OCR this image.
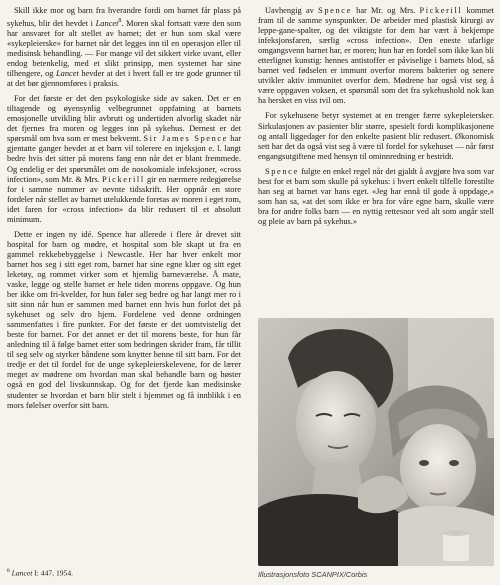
Skill ikke mor og barn fra hverandre fordi om barnet får plass på sykehus, blir det hevdet i Lancet$^8$. Moren skal fortsatt være den som har ansvaret for alt stellet av barnet; det er hun som skal være «sykepleierske» for barnet når det legges inn til en operasjon eller til medisinsk behandling. — For mange vil det sikkert virke uvant, eller endog betenkelig, med et slikt prinsipp, men systemet har sine tilhengere, og Lancet hevder at det i hvert fall er tre gode grunner til at det bør gjennomføres i praksis.

For det første er det den psykologiske side av saken. Det er en tiltagende og øyensynlig velbegrunnet oppfatning at barnets emosjonelle utvikling blir avbrutt og undertiden alvorlig skadet når det fjernes fra moren og legges inn på sykehus. Dernest er det spørsmål om hva som er mest bekvemt. Sir James Spence har gjentatte ganger hevdet at et barn vil tolerere en injeksjon e. l. langt bedre hvis det sitter på morens fang enn når det er blant fremmede. Og endelig er det spørsmålet om de nosokomiale infeksjoner, «cross infection», som Mr. & Mrs. Pickerill gir en nærmere redegjørelse for i samme nummer av nevnte tidsskrift. Her oppnår en store fordeler når stellet av barnet utelukkende foretas av moren i eget rom, idet faren for «cross infection» da blir redusert til et absolutt minimum.

Dette er ingen ny idé. Spence har allerede i flere år drevet sitt hospital for barn og mødre, et hospital som ble skapt ut fra en gammel rekkebebyggelse i Newcastle. Her har hver enkelt mor barnet hos seg i sitt eget rom, barnet har sine egne klær og sitt eget leketøy, og rommet virker som et hjemlig barneværelse. Å mate, vaske, legge og stelle barnet er hele tiden morens oppgave. Og hun ber ikke om fri-kvelder, for hun føler seg bedre og har langt mer ro i sitt sinn når hun er sammen med barnet enn hvis hun forlot det på sykehuset og selv dro hjem. Fordelene ved denne ordningen sammenfattes i fire punkter. For det første er det uomtvistelig det beste for barnet. For det annet er det til morens beste, for hun får anledning til å følge barnet etter som bedringen skrider fram, får tillit til seg selv og styrker båndene som knytter henne til sitt barn. For det tredje er det til fordel for de unge sykepleierskelevene, for de lærer meget av mødrene om hvordan man skal behandle barn og høster også en god del livskunnskap. Og for det fjerde kan medisinske studenter se hvordan et barn blir stelt i hjemmet og få innblikk i en mors følelser overfor sitt barn.

$^8$ Lancet I: 447, 1954.

Uavhengig av Spence har Mr. og Mrs. Pickerill kommet fram til de samme synspunkter. De arbeider med plastisk kirurgi av leppe-gane-spalter, og det viktigste for dem har vært å bekjempe infeksjonsfaren, særlig «cross infection». Den eneste ufarlige omgangsvenn barnet har, er moren; hun har en fordel som ikke kan bli etterlignet kunstig: hennes antistoffer er påviselige i barnets blod, så barnet ved fødselen er immunt overfor morens bakterier og senere utvikler aktiv immunitet overfor dem. Mødrene har også vist seg å være oppgaven voksen, et spørsmål som det fra sykehushold nok kan ha hersket en viss tvil om.

For sykehusene betyr systemet at en trenger færre sykepleiersker. Sirkulasjonen av pasienter blir større, spesielt fordi komplikasjonene og antall liggedager for den enkelte pasient blir redusert. Økonomisk sett har det da også vist seg å være til fordel for sykehuset — når først engangsutgiftene med hensyn til ominnredning er bestridt.

Spence fulgte en enkel regel når det gjaldt å avgjøre hva som var best for et barn som skulle på sykehus: i hvert enkelt tilfelle forestilte han seg at barnet var hans eget. «Jeg har ennå til gode å oppdage,» som han sa, «at det som ikke er bra for våre egne barn, skulle være bra for andre folks barn — en nyttig rettesnor ved alt som angår stell og pleie av barn på sykehus.»

Illustrasjonsfoto SCANPIX/Corbis
